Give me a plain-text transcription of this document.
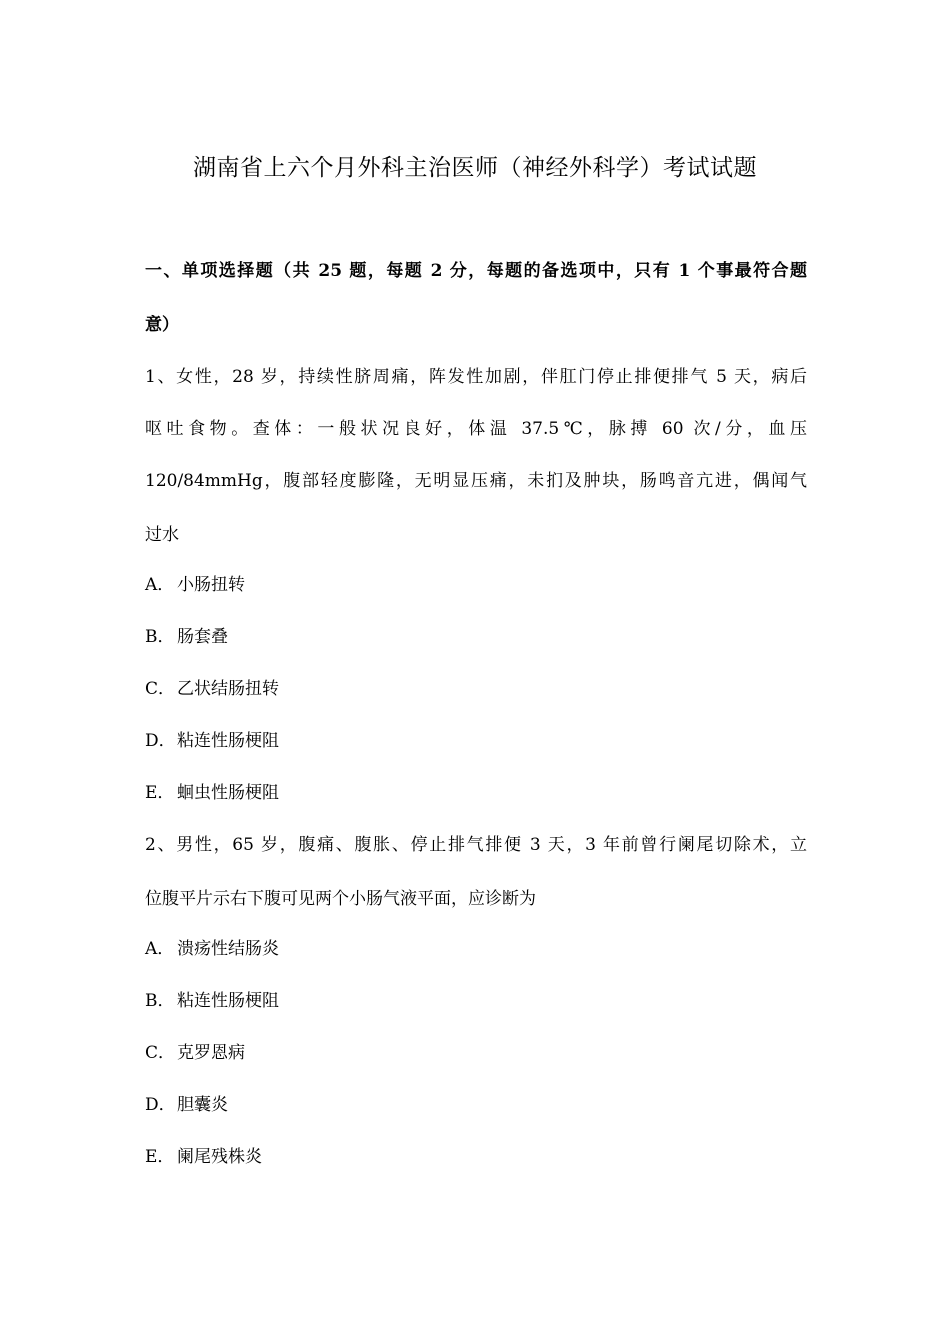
湖南省上六个月外科主治医师（神经外科学）考试试题
一、单项选择题（共 25 题，每题 2 分，每题的备选项中，只有 1 个事最符合题
意）
1、女性，28 岁，持续性脐周痛，阵发性加剧，伴肛门停止排便排气 5 天，病后
呕吐食物。查体：一般状况良好，体温 37.5℃，脉搏 60 次/分，血压
120/84mmHg，腹部轻度膨隆，无明显压痛，未扪及肿块，肠鸣音亢进，偶闻气
过水
A． 小肠扭转
B． 肠套叠
C． 乙状结肠扭转
D．粘连性肠梗阻
E． 蛔虫性肠梗阻
2、男性，65 岁，腹痛、腹胀、停止排气排便 3 天，3 年前曾行阑尾切除术，立
位腹平片示右下腹可见两个小肠气液平面，应诊断为
A． 溃疡性结肠炎
B． 粘连性肠梗阻
C． 克罗恩病
D．胆囊炎
E． 阑尾残株炎
